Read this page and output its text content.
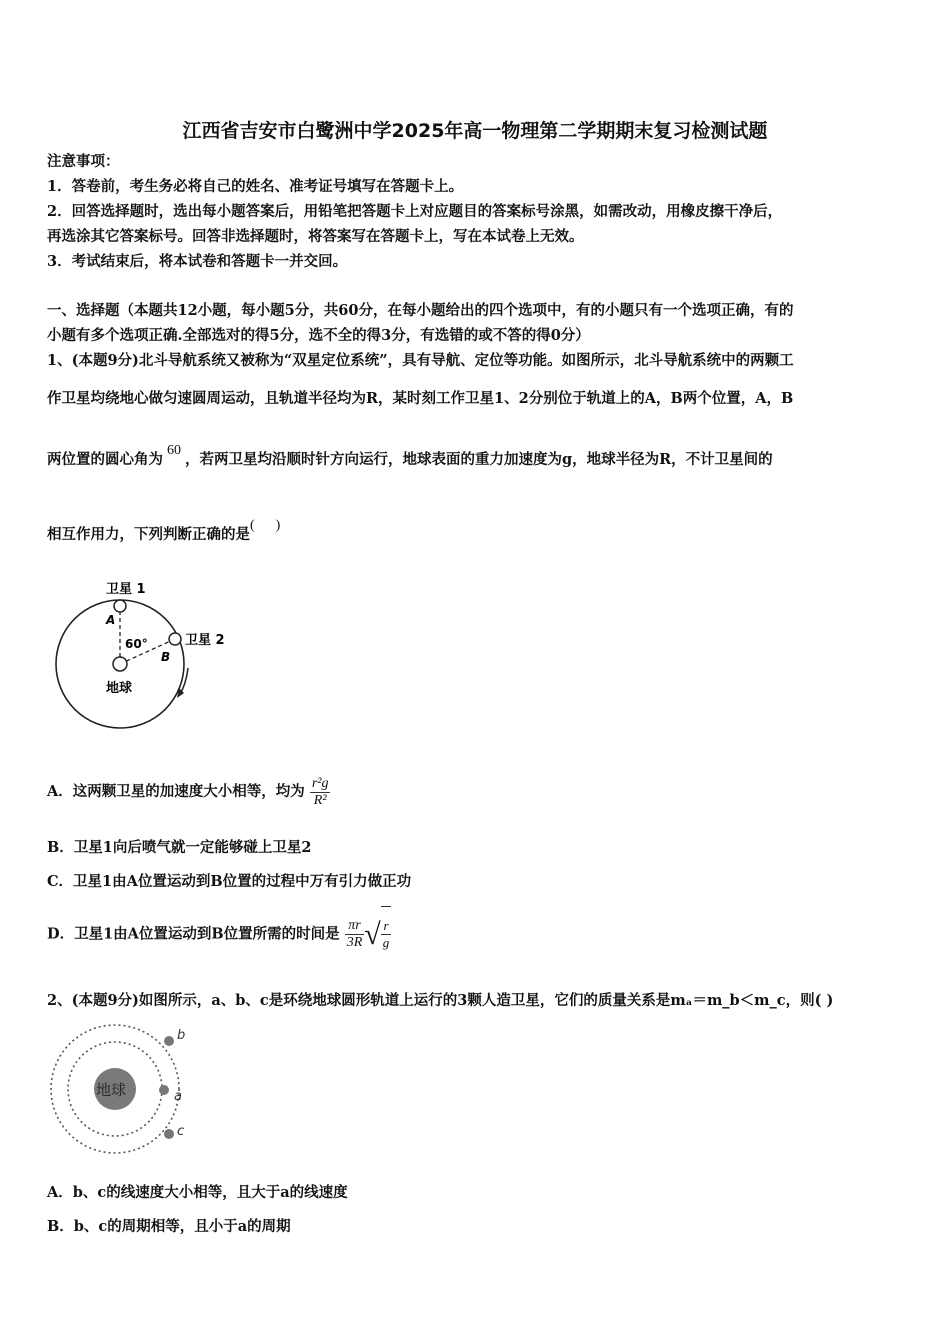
江西省吉安市白鹭洲中学2025年高一物理第二学期期末复习检测试题
注意事项：
1．答卷前，考生务必将自己的姓名、准考证号填写在答题卡上。
2．回答选择题时，选出每小题答案后，用铅笔把答题卡上对应题目的答案标号涂黑，如需改动，用橡皮擦干净后，
再选涂其它答案标号。回答非选择题时，将答案写在答题卡上，写在本试卷上无效。
3．考试结束后，将本试卷和答题卡一并交回。
一、选择题（本题共12小题，每小题5分，共60分，在每小题给出的四个选项中，有的小题只有一个选项正确，有的
小题有多个选项正确.全部选对的得5分，选不全的得3分，有选错的或不答的得0分）
1、(本题9分)北斗导航系统又被称为“双星定位系统”，具有导航、定位等功能。如图所示，北斗导航系统中的两颗工
作卫星均绕地心做匀速圆周运动，且轨道半径均为R，某时刻工作卫星1、2分别位于轨道上的A，B两个位置，A，B
两位置的圆心角为60，若两卫星均沿顺时针方向运行，地球表面的重力加速度为g，地球半径为R，不计卫星间的
相互作用力，下列判断正确的是(      )
卫星 1
卫星 2
A
B
60°
地球
A．这两颗卫星的加速度大小相等，均为 $\frac{\text{r²g}}{\text{R²}}$
B．卫星1向后喷气就一定能够碰上卫星2
C．卫星1由A位置运动到B位置的过程中万有引力做正功
D．卫星1由A位置运动到B位置所需的时间是 $\frac{\pi r}{3R}$ √ $\frac{r}{g}$
2、(本题9分)如图所示，a、b、c是环绕地球圆形轨道上运行的3颗人造卫星，它们的质量关系是mₐ＝m_b＜m_c，则( )
地球
b
a
c
A．b、c的线速度大小相等，且大于a的线速度
B．b、c的周期相等，且小于a的周期
